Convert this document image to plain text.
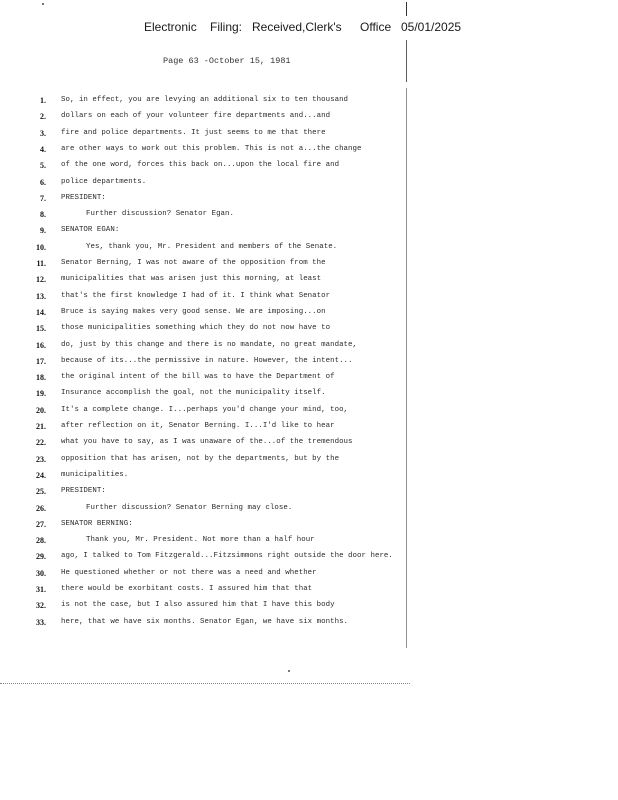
Electronic Filing: Received,Clerk's Office 05/01/2025
Page 63 -October 15, 1981
1. So, in effect, you are levying an additional six to ten thousand
2. dollars on each of your volunteer fire departments and...and
3. fire and police departments. It just seems to me that there
4. are other ways to work out this problem. This is not a...the change
5. of the one word, forces this back on...upon the local fire and
6. police departments.
7. PRESIDENT:
8.	Further discussion? Senator Egan.
9. SENATOR EGAN:
10.	Yes, thank you, Mr. President and members of the Senate.
11. Senator Berning, I was not aware of the opposition from the
12. municipalities that was arisen just this morning, at least
13. that's the first knowledge I had of it. I think what Senator
14. Bruce is saying makes very good sense. We are imposing...on
15. those municipalities something which they do not now have to
16. do, just by this change and there is no mandate, no great mandate,
17. because of its...the permissive in nature. However, the intent...
18. the original intent of the bill was to have the Department of
19. Insurance accomplish the goal, not the municipality itself.
20. It's a complete change. I...perhaps you'd change your mind, too,
21. after reflection on it, Senator Berning. I...I'd like to hear
22. what you have to say, as I was unaware of the...of the tremendous
23. opposition that has arisen, not by the departments, but by the
24. municipalities.
25. PRESIDENT:
26.	Further discussion? Senator Berning may close.
27. SENATOR BERNING:
28.	Thank you, Mr. President. Not more than a half hour
29. ago, I talked to Tom Fitzgerald...Fitzsimmons right outside the door here.
30. He questioned whether or not there was a need and whether
31. there would be exorbitant costs. I assured him that that
32. is not the case, but I also assured him that I have this body
33. here, that we have six months. Senator Egan, we have six months.
